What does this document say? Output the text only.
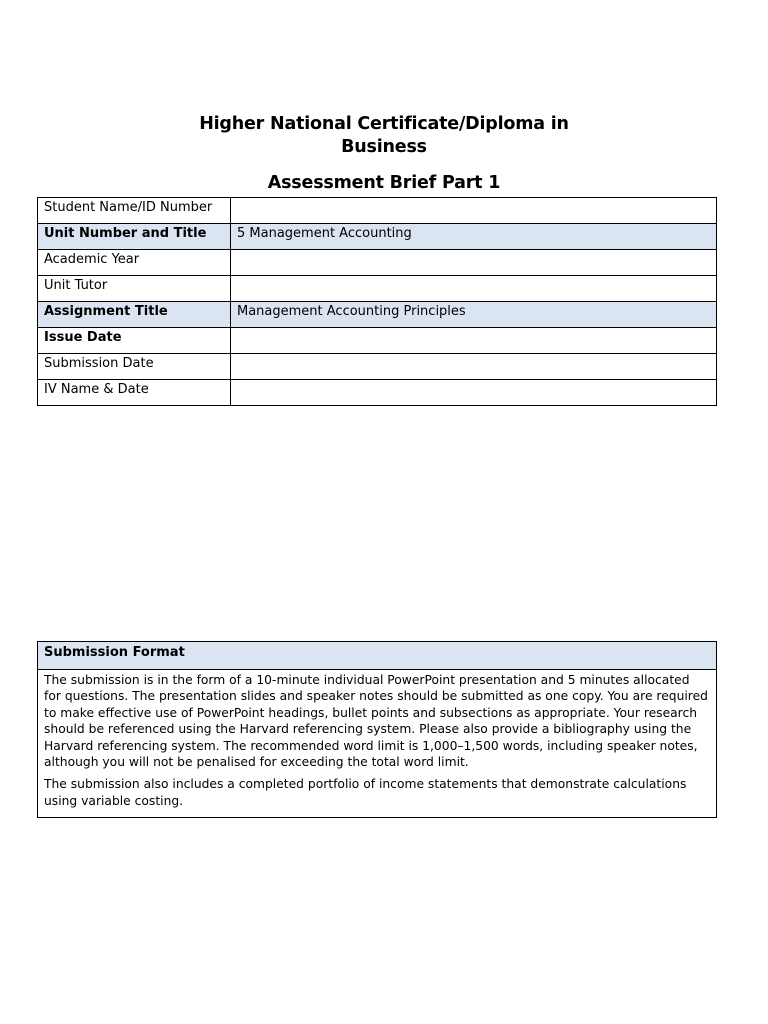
Higher National Certificate/Diploma in
Business
Assessment Brief Part 1
Student Name/ID Number	
Unit Number and Title	5 Management Accounting
Academic Year	
Unit Tutor	
Assignment Title	Management Accounting Principles
Issue Date	
Submission Date	
IV Name & Date	
Submission Format

The submission is in the form of a 10-minute individual PowerPoint presentation and 5 minutes allocated for questions. The presentation slides and speaker notes should be submitted as one copy. You are required to make effective use of PowerPoint headings, bullet points and subsections as appropriate. Your research should be referenced using the Harvard referencing system. Please also provide a bibliography using the Harvard referencing system. The recommended word limit is 1,000–1,500 words, including speaker notes, although you will not be penalised for exceeding the total word limit.

The submission also includes a completed portfolio of income statements that demonstrate calculations using variable costing.
